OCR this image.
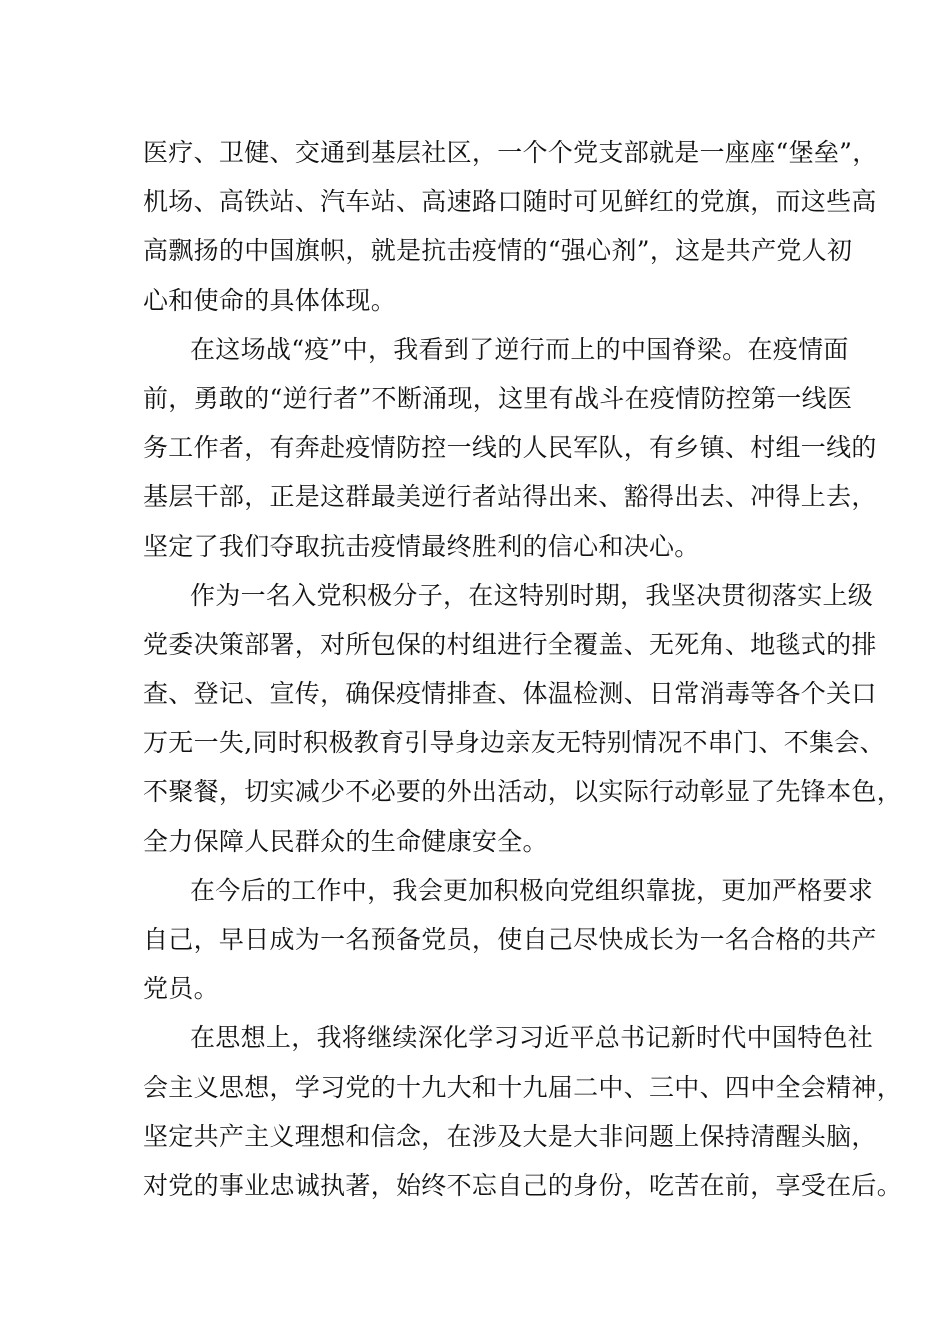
医疗、卫健、交通到基层社区，一个个党支部就是一座座“堡垒”，
机场、高铁站、汽车站、高速路口随时可见鲜红的党旗，而这些高
高飘扬的中国旗帜，就是抗击疫情的“强心剂”，这是共产党人初
心和使命的具体体现。
在这场战“疫”中，我看到了逆行而上的中国脊梁。在疫情面
前，勇敢的“逆行者”不断涌现，这里有战斗在疫情防控第一线医
务工作者，有奔赴疫情防控一线的人民军队，有乡镇、村组一线的
基层干部，正是这群最美逆行者站得出来、豁得出去、冲得上去，
坚定了我们夺取抗击疫情最终胜利的信心和决心。
作为一名入党积极分子，在这特别时期，我坚决贯彻落实上级
党委决策部署，对所包保的村组进行全覆盖、无死角、地毯式的排
查、登记、宣传，确保疫情排查、体温检测、日常消毒等各个关口
万无一失,同时积极教育引导身边亲友无特别情况不串门、不集会、
不聚餐，切实减少不必要的外出活动，以实际行动彰显了先锋本色，
全力保障人民群众的生命健康安全。
在今后的工作中，我会更加积极向党组织靠拢，更加严格要求
自己，早日成为一名预备党员，使自己尽快成长为一名合格的共产
党员。
在思想上，我将继续深化学习习近平总书记新时代中国特色社
会主义思想，学习党的十九大和十九届二中、三中、四中全会精神，
坚定共产主义理想和信念，在涉及大是大非问题上保持清醒头脑，
对党的事业忠诚执著，始终不忘自己的身份，吃苦在前，享受在后。
